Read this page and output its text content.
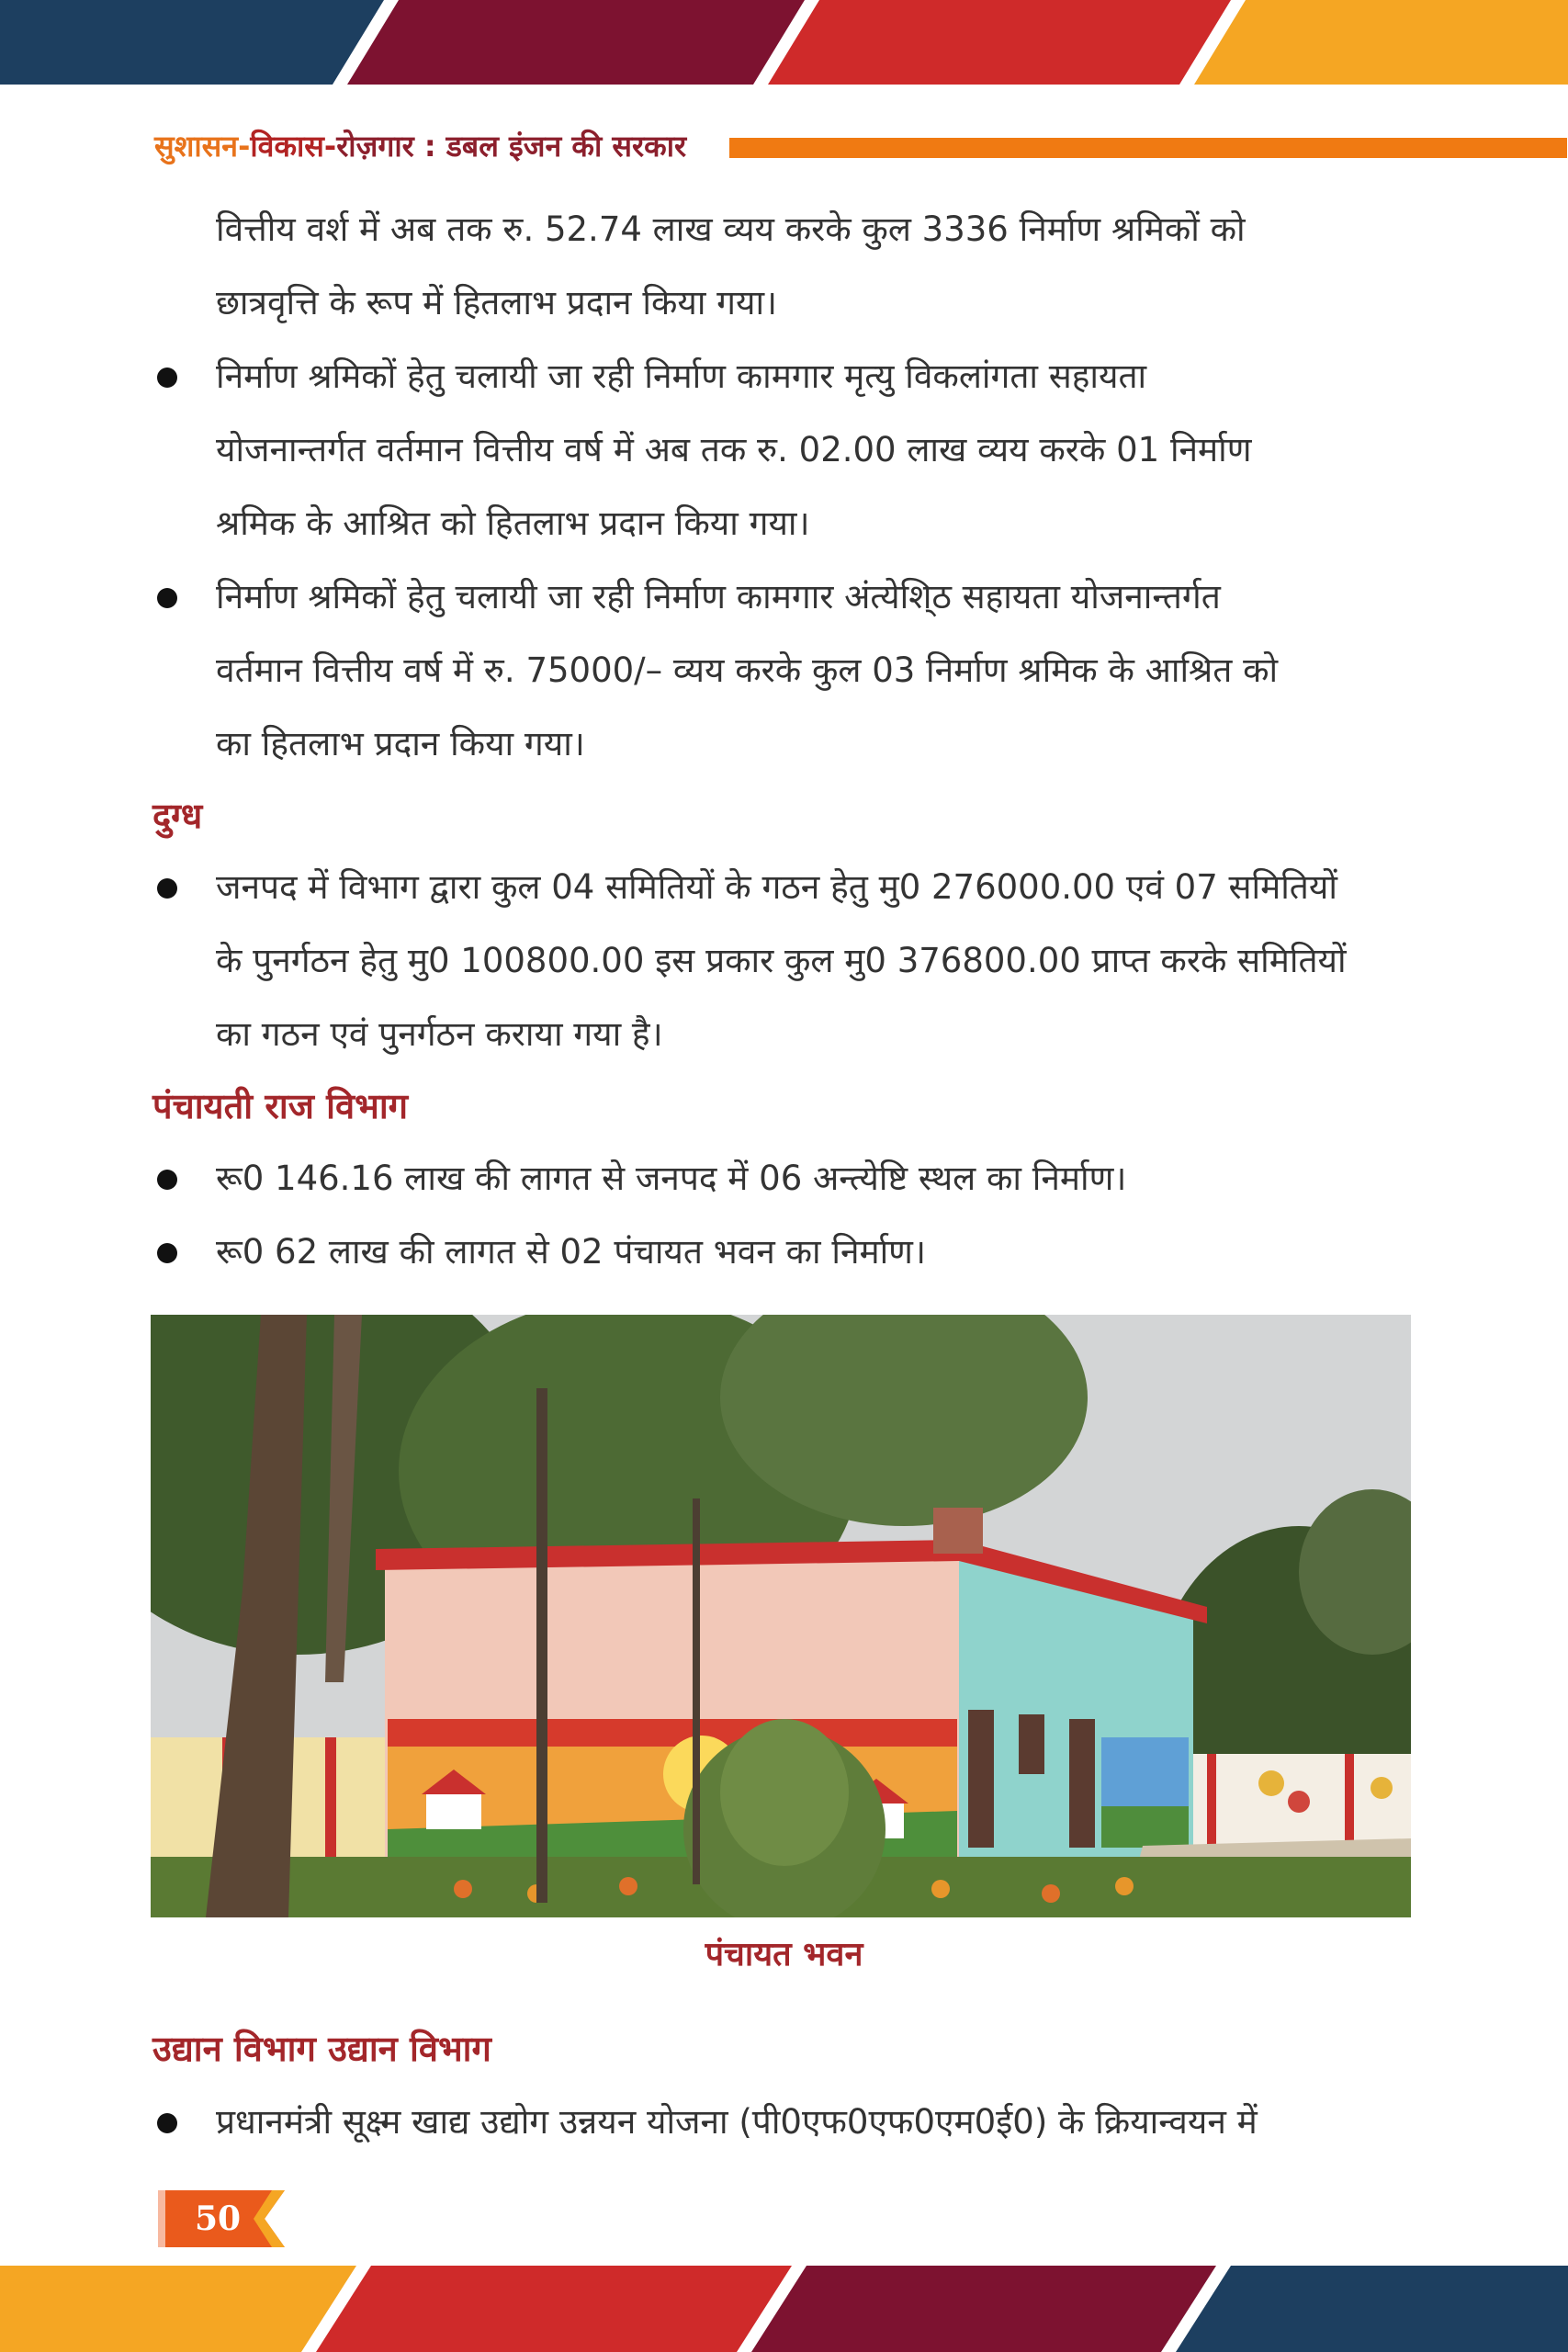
सुशासन-विकास-रोज़गार : डबल इंजन की सरकार
वित्तीय वर्श में अब तक रु. 52.74 लाख व्यय करके कुल 3336 निर्माण श्रमिकों को
छात्रवृत्ति के रूप में हितलाभ प्रदान किया गया।
निर्माण श्रमिकों हेतु चलायी जा रही निर्माण कामगार मृत्यु विकलांगता सहायता
योजनान्तर्गत वर्तमान वित्तीय वर्ष में अब तक रु. 02.00 लाख व्यय करके 01 निर्माण
श्रमिक के आश्रित को हितलाभ प्रदान किया गया।
निर्माण श्रमिकों हेतु चलायी जा रही निर्माण कामगार अंत्येशि्ठ सहायता योजनान्तर्गत
वर्तमान वित्तीय वर्ष में रु. 75000/– व्यय करके कुल 03 निर्माण श्रमिक के आश्रित को
का हितलाभ प्रदान किया गया।
दुग्ध
जनपद में विभाग द्वारा कुल 04 समितियों के गठन हेतु मु0 276000.00 एवं 07 समितियों
के पुनर्गठन हेतु मु0 100800.00 इस प्रकार कुल मु0 376800.00 प्राप्त करके समितियों
का गठन एवं पुनर्गठन कराया गया है।
पंचायती राज विभाग
रू0 146.16 लाख की लागत से जनपद में 06 अन्त्येष्टि स्थल का निर्माण।
रू0 62 लाख की लागत से 02 पंचायत भवन का निर्माण।
पंचायत भवन
उद्यान विभाग उद्यान विभाग
प्रधानमंत्री सूक्ष्म खाद्य उद्योग उन्नयन योजना (पी0एफ0एफ0एम0ई0) के क्रियान्वयन में
50
